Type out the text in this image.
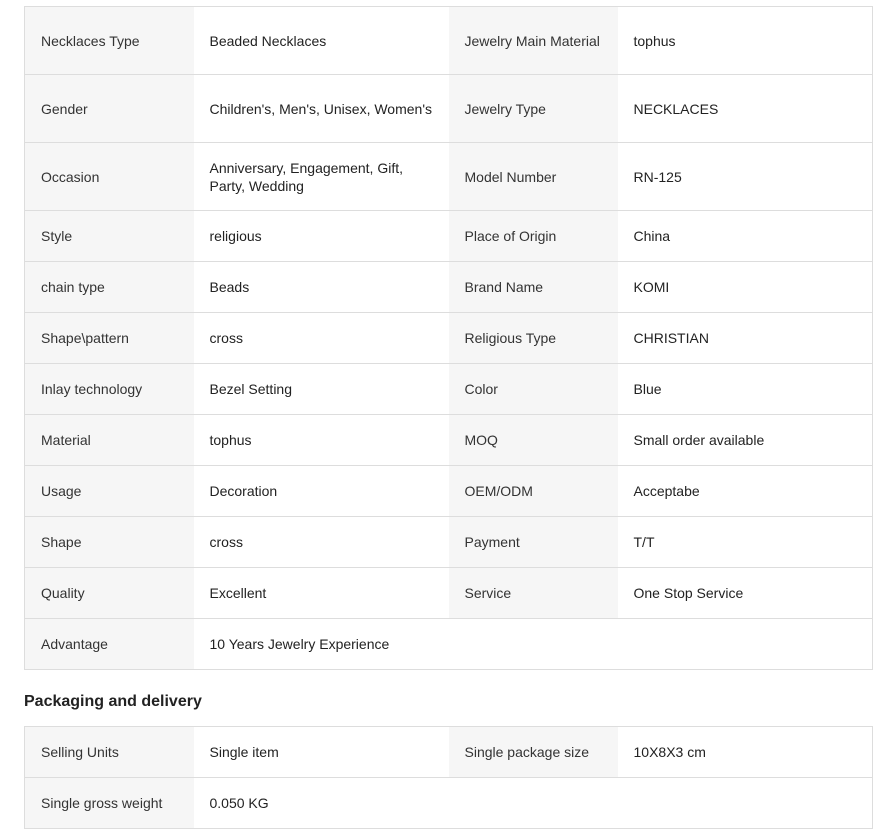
Necklaces Type	Beaded Necklaces	Jewelry Main Material	tophus
Gender	Children's, Men's, Unisex, Women's	Jewelry Type	NECKLACES
Occasion	Anniversary, Engagement, Gift, Party, Wedding	Model Number	RN-125
Style	religious	Place of Origin	China
chain type	Beads	Brand Name	KOMI
Shape\pattern	cross	Religious Type	CHRISTIAN
Inlay technology	Bezel Setting	Color	Blue
Material	tophus	MOQ	Small order available
Usage	Decoration	OEM/ODM	Acceptabe
Shape	cross	Payment	T/T
Quality	Excellent	Service	One Stop Service
Advantage	10 Years Jewelry Experience		
Packaging and delivery
Selling Units	Single item	Single package size	10X8X3 cm
Single gross weight	0.050 KG		
